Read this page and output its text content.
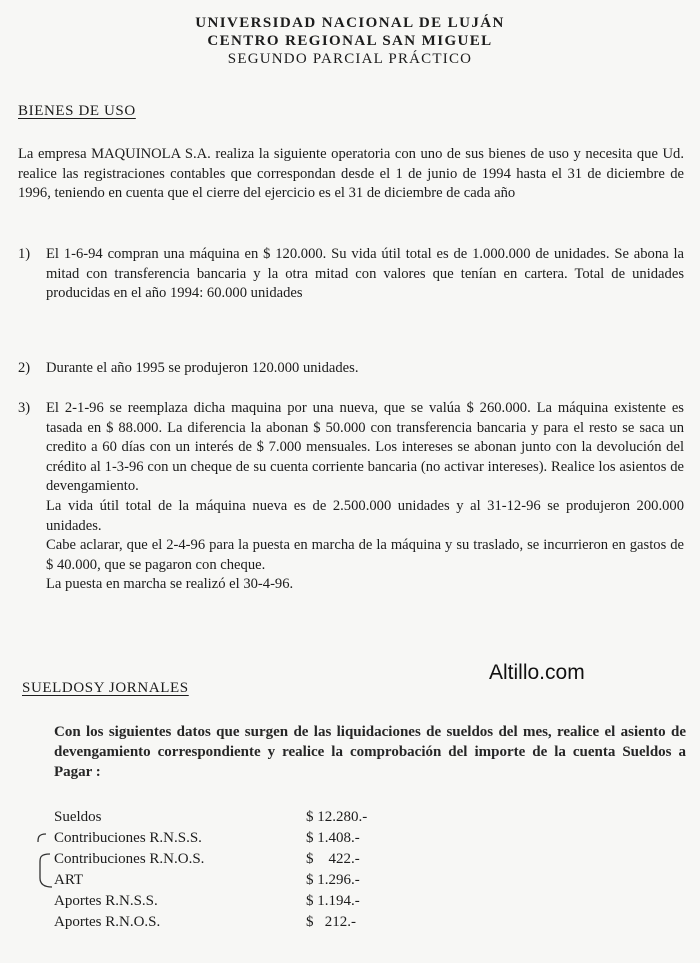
UNIVERSIDAD NACIONAL DE LUJÁN
CENTRO REGIONAL SAN MIGUEL
SEGUNDO PARCIAL PRÁCTICO
BIENES DE USO
La empresa MAQUINOLA S.A. realiza la siguiente operatoria con uno de sus bienes de uso y necesita que Ud. realice las registraciones contables que correspondan desde el 1 de junio de 1994 hasta el 31 de diciembre de 1996, teniendo en cuenta que el cierre del ejercicio es el 31 de diciembre de cada año
1) El 1-6-94 compran una máquina en $ 120.000. Su vida útil total es de 1.000.000 de unidades. Se abona la mitad con transferencia bancaria y la otra mitad con valores que tenían en cartera. Total de unidades producidas en el año 1994: 60.000 unidades
2) Durante el año 1995 se produjeron 120.000 unidades.
3) El 2-1-96 se reemplaza dicha maquina por una nueva, que se valúa $ 260.000. La máquina existente es tasada en $ 88.000. La diferencia la abonan $ 50.000 con transferencia bancaria y para el resto se saca un credito a 60 días con un interés de $ 7.000 mensuales. Los intereses se abonan junto con la devolución del crédito al 1-3-96 con un cheque de su cuenta corriente bancaria (no activar intereses). Realice los asientos de devengamiento.
La vida útil total de la máquina nueva es de 2.500.000 unidades y al 31-12-96 se produjeron 200.000 unidades.
Cabe aclarar, que el 2-4-96 para la puesta en marcha de la máquina y su traslado, se incurrieron en gastos de $ 40.000, que se pagaron con cheque.
La puesta en marcha se realizó el 30-4-96.
Altillo.com
SUELDOSY JORNALES
Con los siguientes datos que surgen de las liquidaciones de sueldos del mes, realice el asiento de devengamiento correspondiente y realice la comprobación del importe de la cuenta Sueldos a Pagar :
Sueldos	$ 12.280.-
Contribuciones R.N.S.S.	$ 1.408.-
Contribuciones R.N.O.S.	$    422.-
ART	$ 1.296.-
Aportes R.N.S.S.	$ 1.194.-
Aportes R.N.O.S.	$   212.-
